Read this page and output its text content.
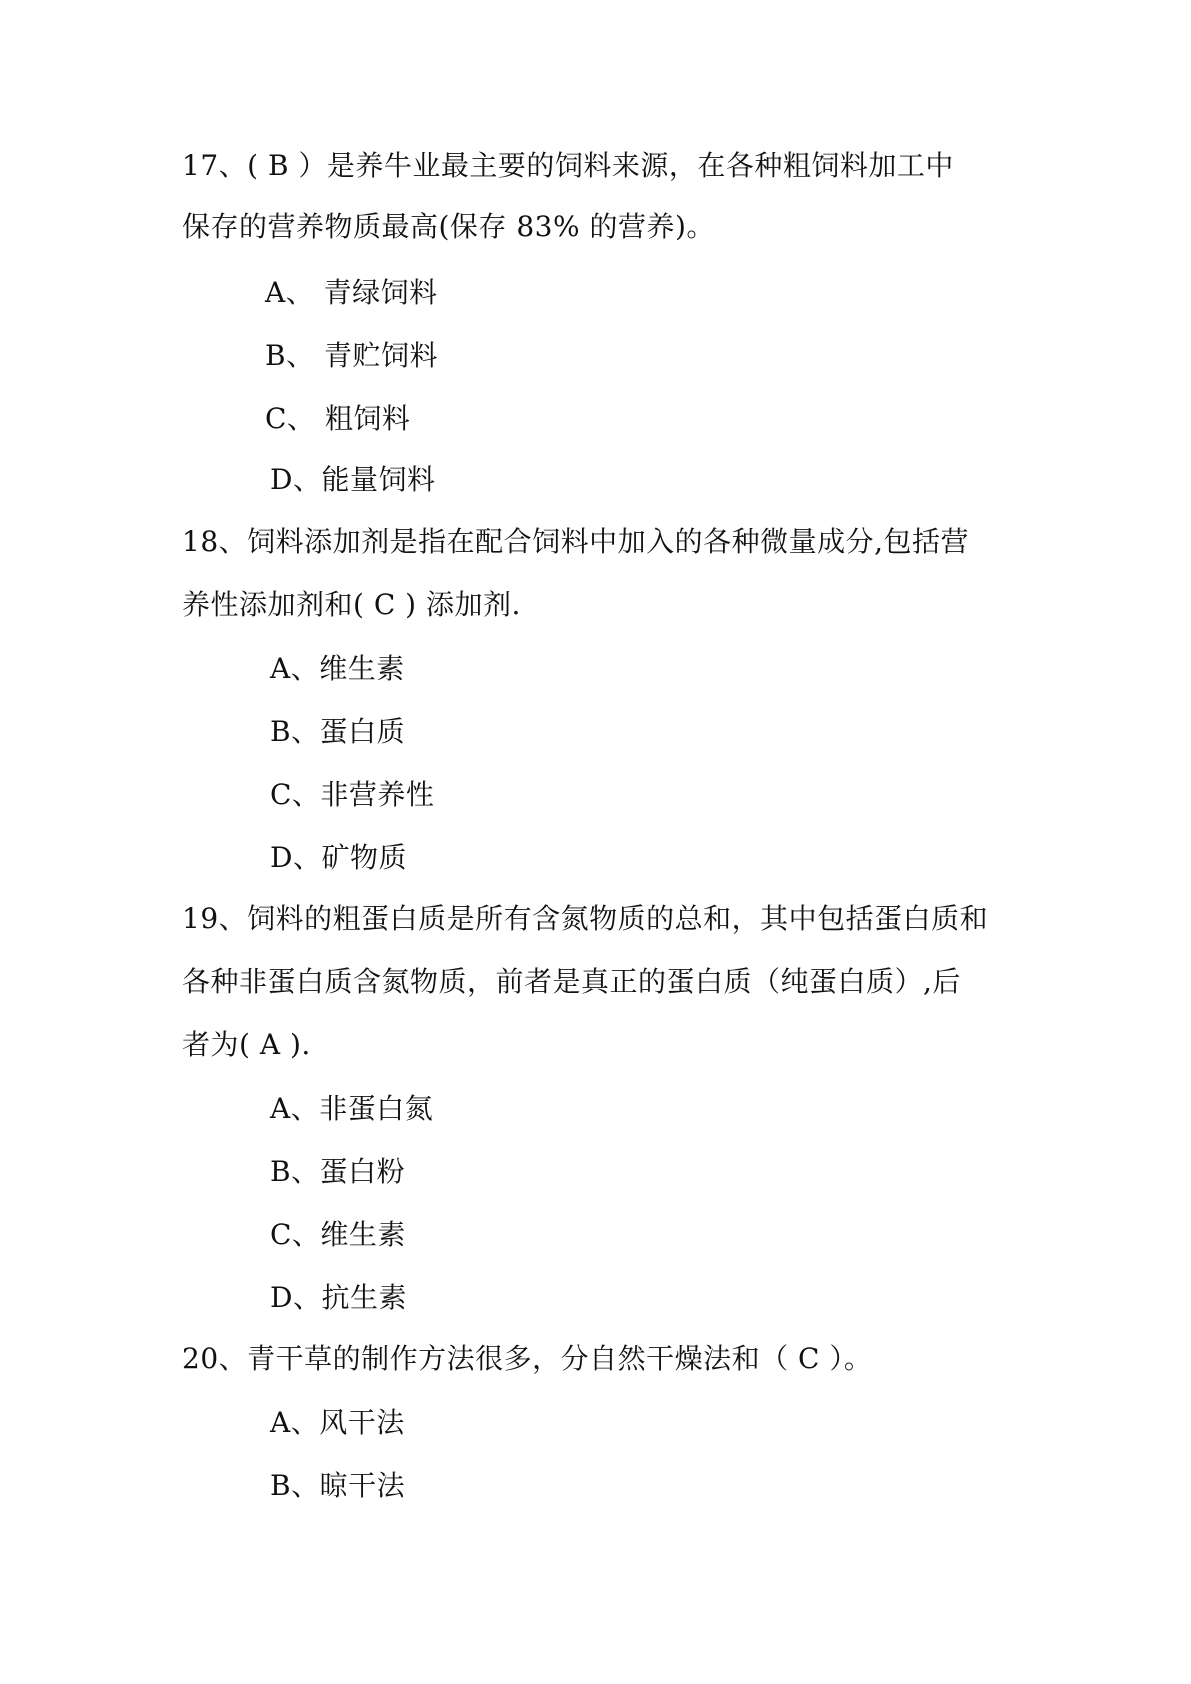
17、( B ）是养牛业最主要的饲料来源，在各种粗饲料加工中
保存的营养物质最高(保存 83% 的营养)。
A、 青绿饲料
B、 青贮饲料
C、 粗饲料
D、能量饲料
18、饲料添加剂是指在配合饲料中加入的各种微量成分,包括营
养性添加剂和( C ) 添加剂.
A、维生素
B、蛋白质
C、非营养性
D、矿物质
19、饲料的粗蛋白质是所有含氮物质的总和，其中包括蛋白质和
各种非蛋白质含氮物质，前者是真正的蛋白质（纯蛋白质）,后
者为( A ).
A、非蛋白氮
B、蛋白粉
C、维生素
D、抗生素
20、青干草的制作方法很多，分自然干燥法和（ C ）。
A、风干法
B、晾干法
